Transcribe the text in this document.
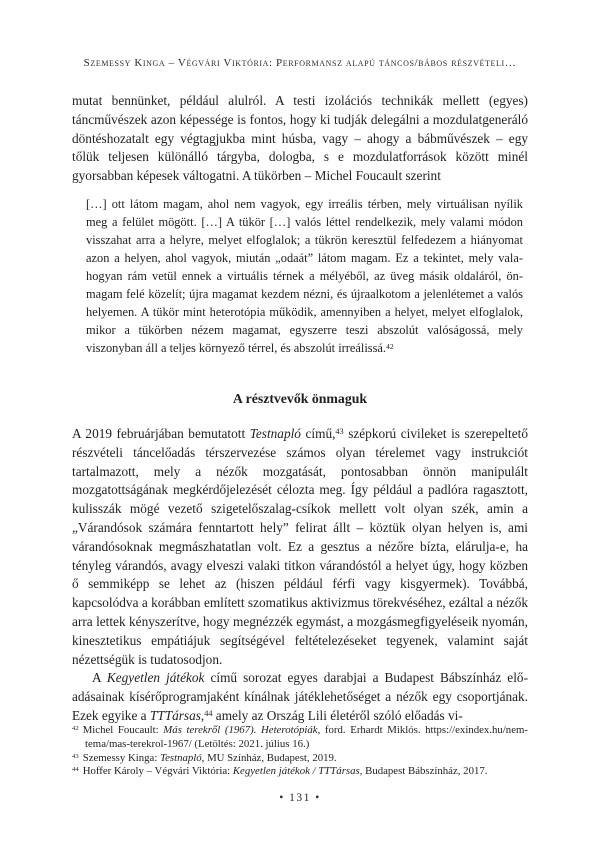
Szemessy Kinga – Végvári Viktória: Performansz alapú táncos/bábos részvételi…

mutat bennünket, például alulról. A testi izolációs technikák mellett (egyes) táncművészek azon képessége is fontos, hogy ki tudják delegálni a mozdulatgeneráló döntéshozatalt egy végtagjukba mint húsba, vagy – ahogy a bábművészek – egy tőlük teljesen különálló tárgyba, dologba, s e mozdulatforrások között minél gyorsabban képesek váltogatni. A tükörben – Michel Foucault szerint

[…] ott látom magam, ahol nem vagyok, egy irreális térben, mely virtuálisan nyílik meg a felület mögött. […] A tükör […] valós léttel rendelkezik, mely valami módon visszahat arra a helyre, melyet elfoglalok; a tükrön keresztül felfedezem a hiányomat azon a helyen, ahol vagyok, miután „odaát” látom magam. Ez a tekintet, mely valahogyan rám vetül ennek a virtuális térnek a mélyéből, az üveg másik oldaláról, önmagam felé közelít; újra magamat kezdem nézni, és újraalkotom a jelenlétemet a valós helyemen. A tükör mint heterotópia működik, amennyiben a helyet, melyet elfoglalok, mikor a tükörben nézem magamat, egyszerre teszi abszolút valóságossá, mely viszonyban áll a teljes környező térrel, és abszolút irreálissá.$^{42}$
A résztvevők önmaguk

A 2019 februárjában bemutatott Testnapló című,$^{43}$ szépkorú civileket is szerepeltető részvételi táncelőadás térszervezése számos olyan térelemet vagy instrukciót tartalmazott, mely a nézők mozgatását, pontosabban önnön manipulált mozgatottságának megkérdőjelezését célozta meg. Így például a padlóra ragasztott, kulisszák mögé vezető szigetelőszalag-csíkok mellett volt olyan szék, amin a „Várandósok számára fenntartott hely” felirat állt – köztük olyan helyen is, ami várandósoknak megmászhatatlan volt. Ez a gesztus a nézőre bízta, elárulja-e, ha tényleg várandós, avagy elveszi valaki titkon várandóstól a helyet úgy, hogy közben ő semmiképp se lehet az (hiszen például férfi vagy kisgyermek). Továbbá, kapcsolódva a korábban említett szomatikus aktivizmus törekvéséhez, ezáltal a nézők arra lettek kényszerítve, hogy megnézzék egymást, a mozgásmegfigyeléseik nyomán, kinesztetikus empátiájuk segítségével feltételezéseket tegyenek, valamint saját nézettségük is tudatosodjon.

A Kegyetlen játékok című sorozat egyes darabjai a Budapest Bábszínház előadásainak kísérőprogramjaként kínálnak játéklehetőséget a nézők egy csoportjának. Ezek egyike a TTTársas,$^{44}$ amely az Ország Lili életéről szóló előadás vi-

$^{42}$ Michel Foucault: Más terekről (1967). Heterotópiák, ford. Erhardt Miklós. https://exindex.hu/​nem-tema/mas-terekrol-1967/ (Letöltés: 2021. július 16.)

$^{43}$ Szemessy Kinga: Testnapló, MU Színház, Budapest, 2019.

$^{44}$ Hoffer Károly – Végvári Viktória: Kegyetlen játékok / TTTársas, Budapest Bábszínház, 2017.

• 131 •
